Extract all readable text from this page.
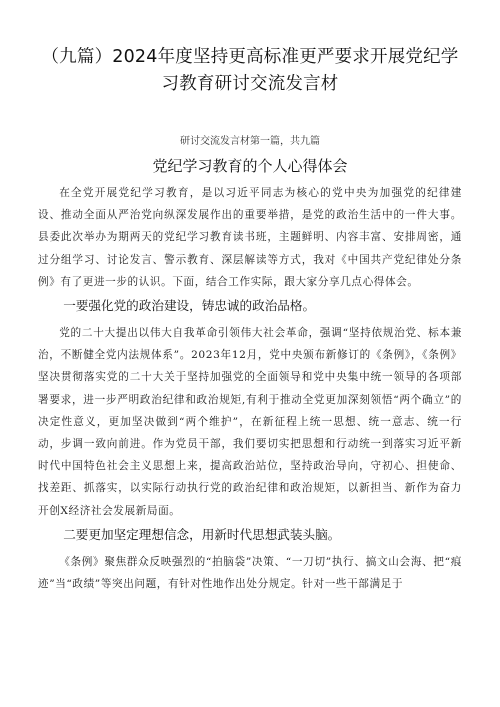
（九篇）2024年度坚持更高标准更严要求开展党纪学
习教育研讨交流发言材
研讨交流发言材第一篇，共九篇
党纪学习教育的个人心得体会

在全党开展党纪学习教育，是以习近平同志为核心的党中央为加强党的纪律建设、推动全面从严治党向纵深发展作出的重要举措，是党的政治生活中的一件大事。县委此次举办为期两天的党纪学习教育读书班，主题鲜明、内容丰富、安排周密，通过分组学习、讨论发言、警示教育、深层解读等方式，我对《中国共产党纪律处分条例》有了更进一步的认识。下面，结合工作实际，跟大家分享几点心得体会。

一要强化党的政治建设，铸忠诚的政治品格。

党的二十大提出以伟大自我革命引领伟大社会革命，强调“坚持依规治党、标本兼治，不断健全党内法规体系”。2023年12月，党中央颁布新修订的《条例》，《条例》坚决贯彻落实党的二十大关于坚持加强党的全面领导和党中央集中统一领导的各项部署要求，进一步严明政治纪律和政治规矩,有利于推动全党更加深刻领悟“两个确立”的决定性意义，更加坚决做到“两个维护”，在新征程上统一思想、统一意志、统一行动，步调一致向前进。作为党员干部，我们要切实把思想和行动统一到落实习近平新时代中国特色社会主义思想上来，提高政治站位，坚持政治导向，守初心、担使命、找差距、抓落实，以实际行动执行党的政治纪律和政治规矩，以新担当、新作为奋力开创X经济社会发展新局面。

二要更加坚定理想信念，用新时代思想武装头脑。

《条例》聚焦群众反映强烈的“拍脑袋”决策、“一刀切”执行、搞文山会海、把“痕迹”当“政绩”等突出问题，有针对性地作出处分规定。针对一些干部满足于
